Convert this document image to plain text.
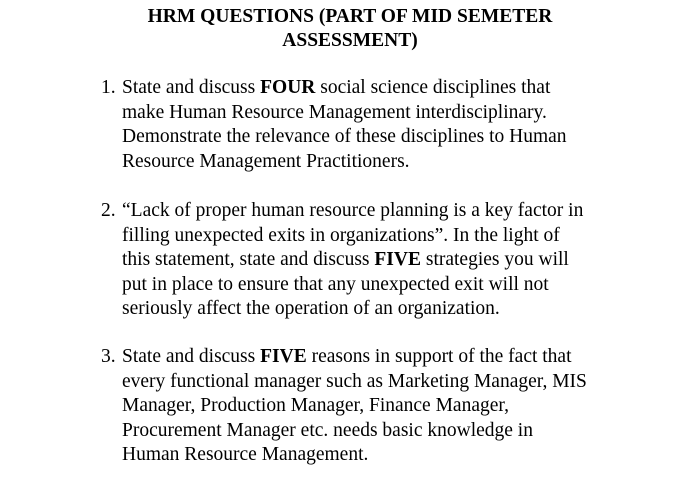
HRM QUESTIONS (PART OF MID SEMETER
ASSESSMENT)
1. State and discuss FOUR social science disciplines that
make Human Resource Management interdisciplinary.
Demonstrate the relevance of these disciplines to Human
Resource Management Practitioners.
2. “Lack of proper human resource planning is a key factor in
filling unexpected exits in organizations”. In the light of
this statement, state and discuss FIVE strategies you will
put in place to ensure that any unexpected exit will not
seriously affect the operation of an organization.
3. State and discuss FIVE reasons in support of the fact that
every functional manager such as Marketing Manager, MIS
Manager, Production Manager, Finance Manager,
Procurement Manager etc. needs basic knowledge in
Human Resource Management.
